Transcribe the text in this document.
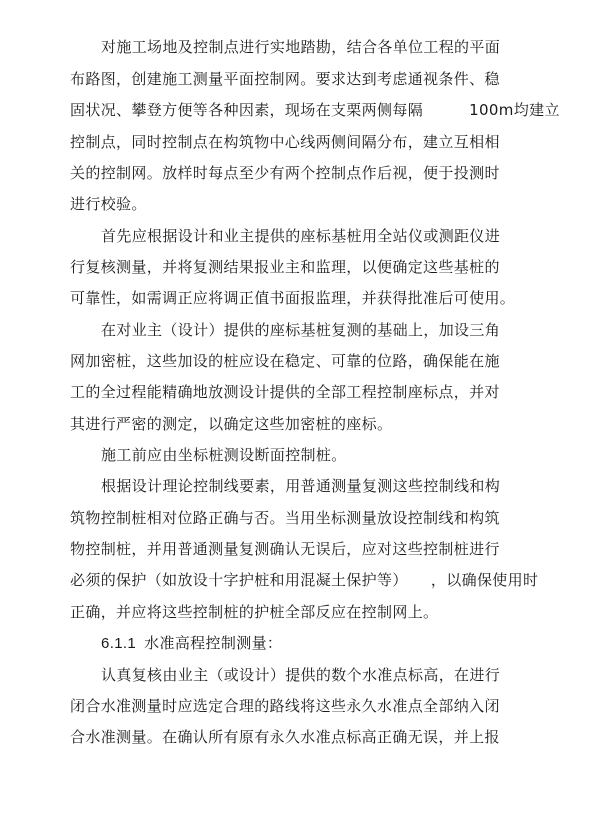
对施工场地及控制点进行实地踏勘，结合各单位工程的平面
布路图，创建施工测量平面控制网。要求达到考虑通视条件、稳
固状况、攀登方便等各种因素，现场在支栗两侧每隔　　　100m均建立
控制点，同时控制点在构筑物中心线两侧间隔分布，建立互相相
关的控制网。放样时每点至少有两个控制点作后视，便于投测时
进行校验。
首先应根据设计和业主提供的座标基桩用全站仪或测距仪进
行复核测量，并将复测结果报业主和监理，以便确定这些基桩的
可靠性，如需调正应将调正值书面报监理，并获得批准后可使用。
在对业主（设计）提供的座标基桩复测的基础上，加设三角
网加密桩，这些加设的桩应设在稳定、可靠的位路，确保能在施
工的全过程能精确地放测设计提供的全部工程控制座标点，并对
其进行严密的测定，以确定这些加密桩的座标。
施工前应由坐标桩测设断面控制桩。
根据设计理论控制线要素，用普通测量复测这些控制线和构
筑物控制桩相对位路正确与否。当用坐标测量放设控制线和构筑
物控制桩，并用普通测量复测确认无误后，应对这些控制桩进行
必须的保护（如放设十字护桩和用混凝土保护等）　　，以确保使用时
正确，并应将这些控制桩的护桩全部反应在控制网上。
6.1.1 水准高程控制测量：
认真复核由业主（或设计）提供的数个水准点标高，在进行
闭合水准测量时应选定合理的路线将这些永久水准点全部纳入闭
合水准测量。在确认所有原有永久水准点标高正确无误，并上报
